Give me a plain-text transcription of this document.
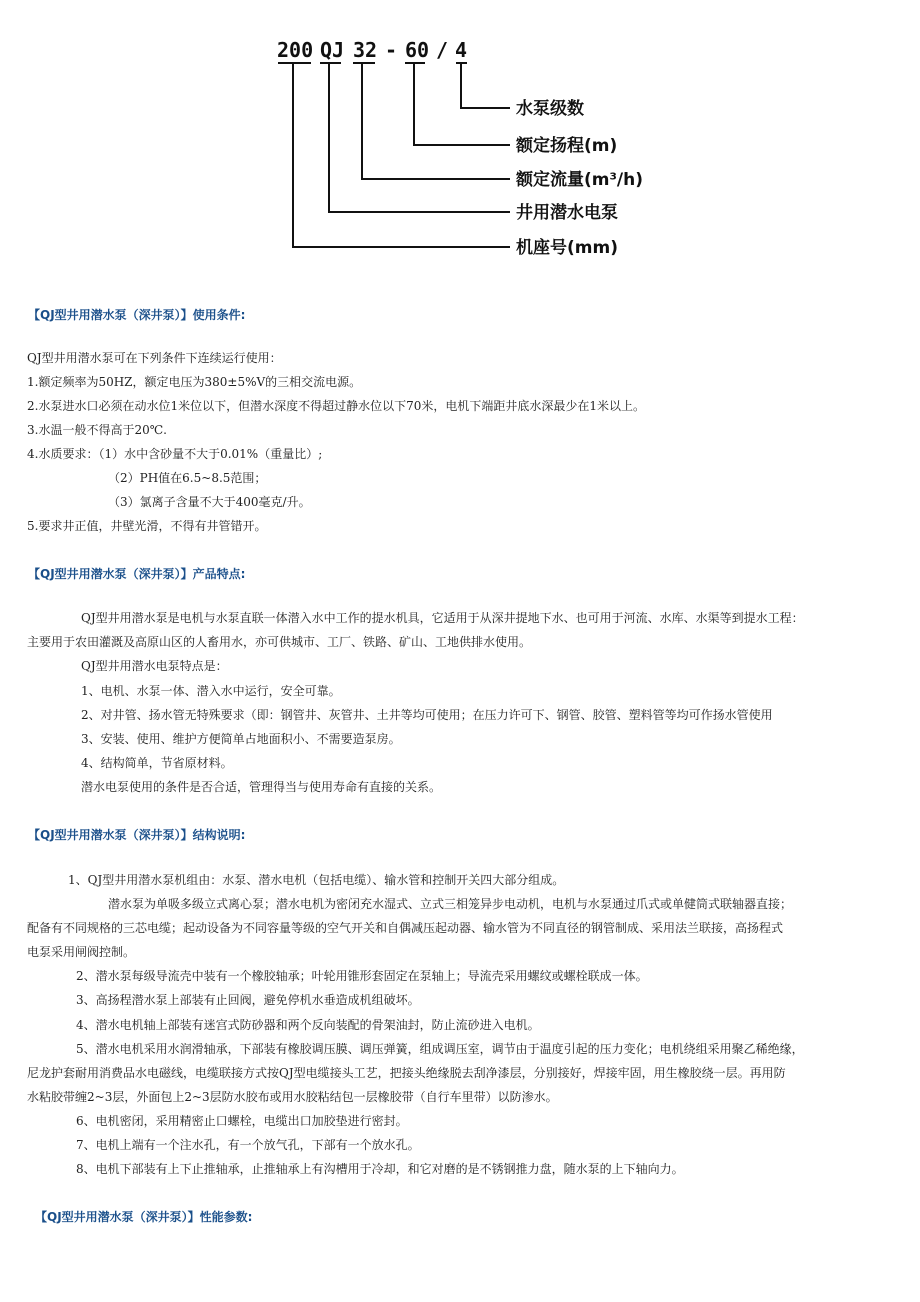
200 QJ 32 - 60 / 4
水泵级数
额定扬程(m)
额定流量(m³/h)
井用潜水电泵
机座号(mm)
【QJ型井用潜水泵（深井泵）】使用条件:
QJ型井用潜水泵可在下列条件下连续运行使用：
1.额定频率为50HZ，额定电压为380±5%V的三相交流电源。
2.水泵进水口必须在动水位1米位以下，但潜水深度不得超过静水位以下70米，电机下端距井底水深最少在1米以上。
3.水温一般不得高于20℃.
4.水质要求：（1）水中含砂量不大于0.01%（重量比）;
（2）PH值在6.5~8.5范围；
（3）氯离子含量不大于400毫克/升。
5.要求井正值，井壁光滑，不得有井管错开。
【QJ型井用潜水泵（深井泵）】产品特点:
QJ型井用潜水泵是电机与水泵直联一体潜入水中工作的提水机具，它适用于从深井提地下水、也可用于河流、水库、水渠等到提水工程：
主要用于农田灌溉及高原山区的人畜用水，亦可供城市、工厂、铁路、矿山、工地供排水使用。
QJ型井用潜水电泵特点是：
1、电机、水泵一体、潜入水中运行，安全可靠。
2、对井管、扬水管无特殊要求（即：钢管井、灰管井、土井等均可使用；在压力许可下、钢管、胶管、塑料管等均可作扬水管使用
3、安装、使用、维护方便简单占地面积小、不需要造泵房。
4、结构简单，节省原材料。
潜水电泵使用的条件是否合适，管理得当与使用寿命有直接的关系。
【QJ型井用潜水泵（深井泵）】结构说明:
1、QJ型井用潜水泵机组由：水泵、潜水电机（包括电缆）、输水管和控制开关四大部分组成。
潜水泵为单吸多级立式离心泵；潜水电机为密闭充水湿式、立式三相笼异步电动机，电机与水泵通过爪式或单健筒式联轴器直接；
配备有不同规格的三芯电缆；起动设备为不同容量等级的空气开关和自偶减压起动器、输水管为不同直径的钢管制成、采用法兰联接，高扬程式
电泵采用闸阀控制。
2、潜水泵每级导流壳中装有一个橡胶轴承；叶轮用锥形套固定在泵轴上；导流壳采用螺纹或螺栓联成一体。
3、高扬程潜水泵上部装有止回阀，避免停机水垂造成机组破坏。
4、潜水电机轴上部装有迷宫式防砂器和两个反向装配的骨架油封，防止流砂进入电机。
5、潜水电机采用水润滑轴承，下部装有橡胶调压膜、调压弹簧，组成调压室，调节由于温度引起的压力变化；电机绕组采用聚乙稀绝缘，
尼龙护套耐用消费品水电磁线，电缆联接方式按QJ型电缆接头工艺，把接头绝缘脱去刮净漆层，分别接好，焊接牢固，用生橡胶绕一层。再用防
水粘胶带缠2~3层，外面包上2~3层防水胶布或用水胶粘结包一层橡胶带（自行车里带）以防渗水。
6、电机密闭，采用精密止口螺栓，电缆出口加胶垫进行密封。
7、电机上端有一个注水孔，有一个放气孔，下部有一个放水孔。
8、电机下部装有上下止推轴承，止推轴承上有沟槽用于冷却，和它对磨的是不锈钢推力盘，随水泵的上下轴向力。
【QJ型井用潜水泵（深井泵）】性能参数:
